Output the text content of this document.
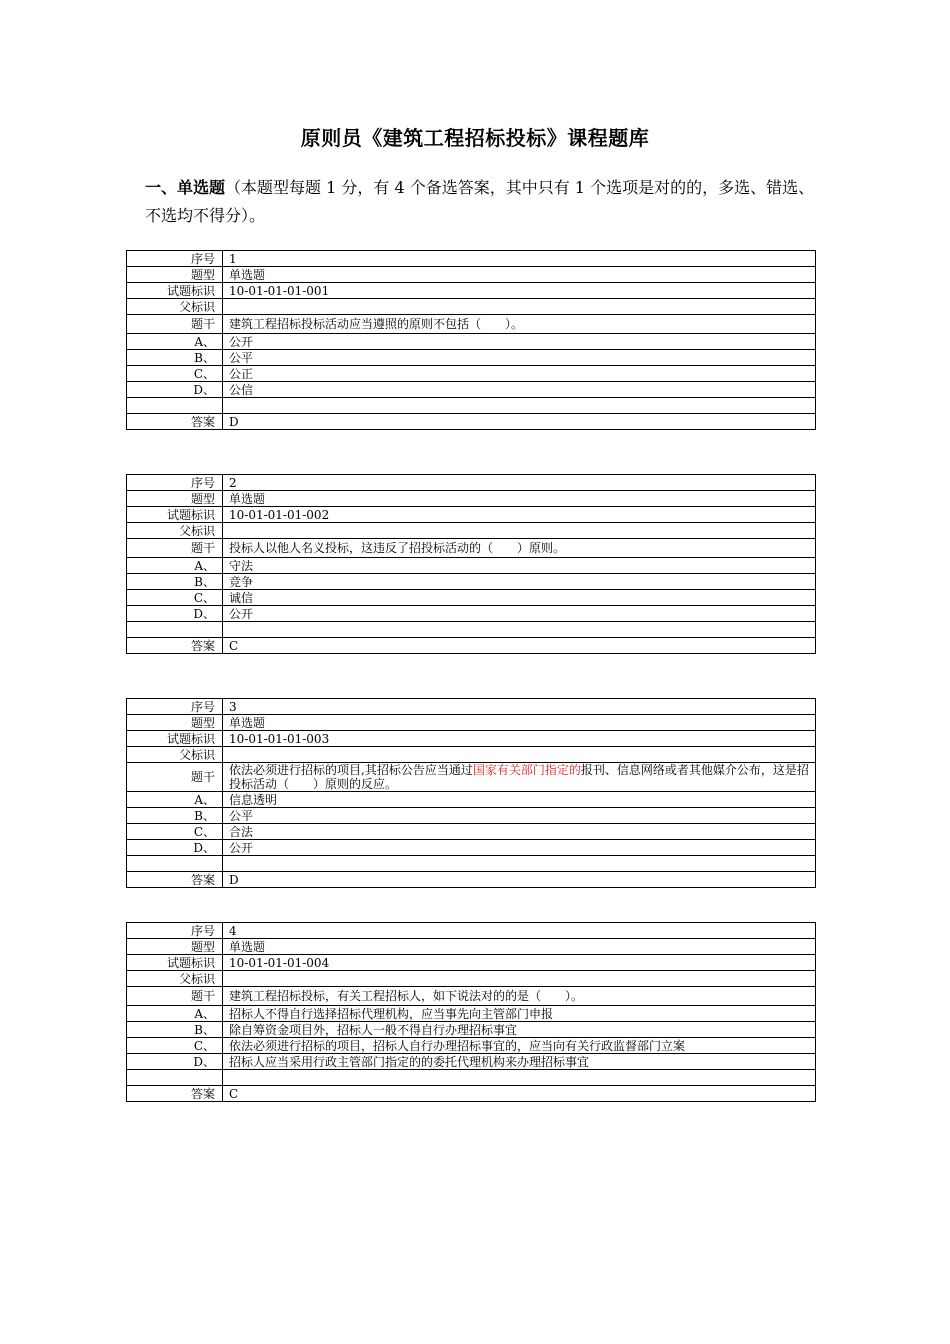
原则员《建筑工程招标投标》课程题库
一、单选题（本题型每题 1 分，有 4 个备选答案，其中只有 1 个选项是对的的，多选、错选、不选均不得分）。
序号	1
题型	单选题
试题标识	10-01-01-01-001
父标识	
题干	建筑工程招标投标活动应当遵照的原则不包括（　　）。
A、	公开
B、	公平
C、	公正
D、	公信

答案	D
序号	2
题型	单选题
试题标识	10-01-01-01-002
父标识	
题干	投标人以他人名义投标，这违反了招投标活动的（　　）原则。
A、	守法
B、	竞争
C、	诚信
D、	公开

答案	C
序号	3
题型	单选题
试题标识	10-01-01-01-003
父标识	
题干	依法必须进行招标的项目,其招标公告应当通过国家有关部门指定的报刊、信息网络或者其他媒介公布，这是招投标活动（　　）原则的反应。
A、	信息透明
B、	公平
C、	合法
D、	公开

答案	D
序号	4
题型	单选题
试题标识	10-01-01-01-004
父标识	
题干	建筑工程招标投标，有关工程招标人，如下说法对的的是（　　）。
A、	招标人不得自行选择招标代理机构，应当事先向主管部门申报
B、	除自筹资金项目外，招标人一般不得自行办理招标事宜
C、	依法必须进行招标的项目，招标人自行办理招标事宜的，应当向有关行政监督部门立案
D、	招标人应当采用行政主管部门指定的的委托代理机构来办理招标事宜

答案	C
